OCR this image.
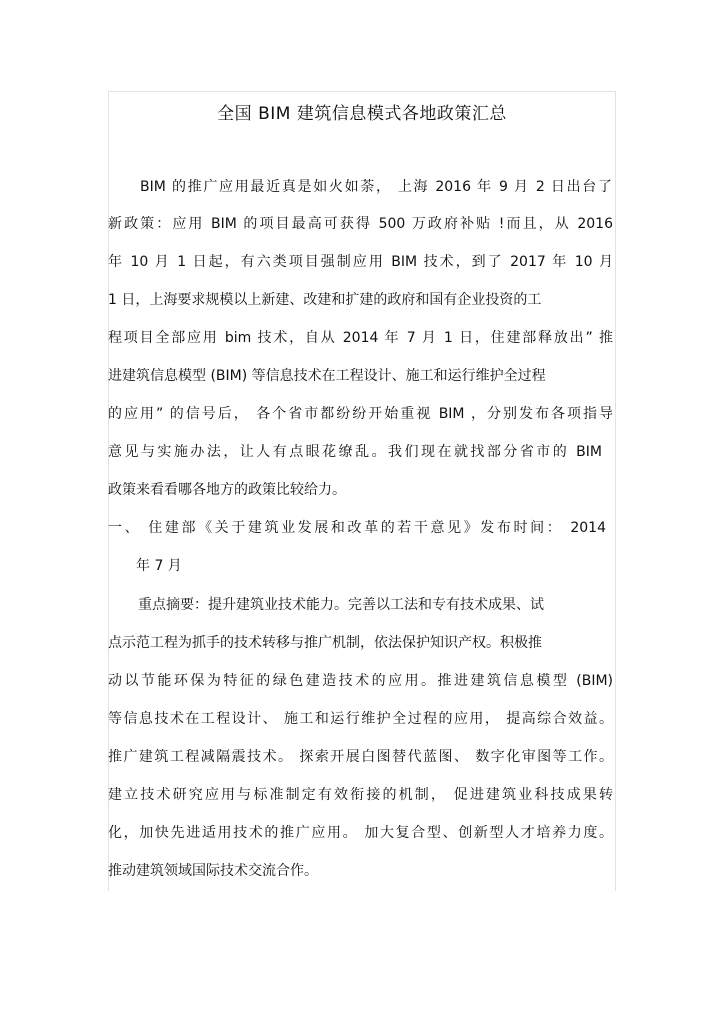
全国 BIM 建筑信息模式各地政策汇总
BIM 的推广应用最近真是如火如荼， 上海 2016 年 9 月 2 日出台了
新政策：应用 BIM 的项目最高可获得 500 万政府补贴 !而且，从 2016
年 10 月 1 日起，有六类项目强制应用 BIM 技术，到了 2017 年 10 月
1 日，上海要求规模以上新建、改建和扩建的政府和国有企业投资的工
程项目全部应用 bim 技术，自从 2014 年 7 月 1 日，住建部释放出” 推
进建筑信息模型 (BIM) 等信息技术在工程设计、施工和运行维护全过程
的应用” 的信号后， 各个省市都纷纷开始重视 BIM ，分别发布各项指导
意见与实施办法，让人有点眼花缭乱。我们现在就找部分省市的 BIM
政策来看看哪各地方的政策比较给力。
一、 住建部《关于建筑业发展和改革的若干意见》发布时间： 2014
年 7 月
重点摘要：提升建筑业技术能力。完善以工法和专有技术成果、试
点示范工程为抓手的技术转移与推广机制，依法保护知识产权。积极推
动以节能环保为特征的绿色建造技术的应用。推进建筑信息模型 (BIM)
等信息技术在工程设计、 施工和运行维护全过程的应用， 提高综合效益。
推广建筑工程减隔震技术。 探索开展白图替代蓝图、 数字化审图等工作。
建立技术研究应用与标准制定有效衔接的机制， 促进建筑业科技成果转
化，加快先进适用技术的推广应用。 加大复合型、创新型人才培养力度。
推动建筑领域国际技术交流合作。
